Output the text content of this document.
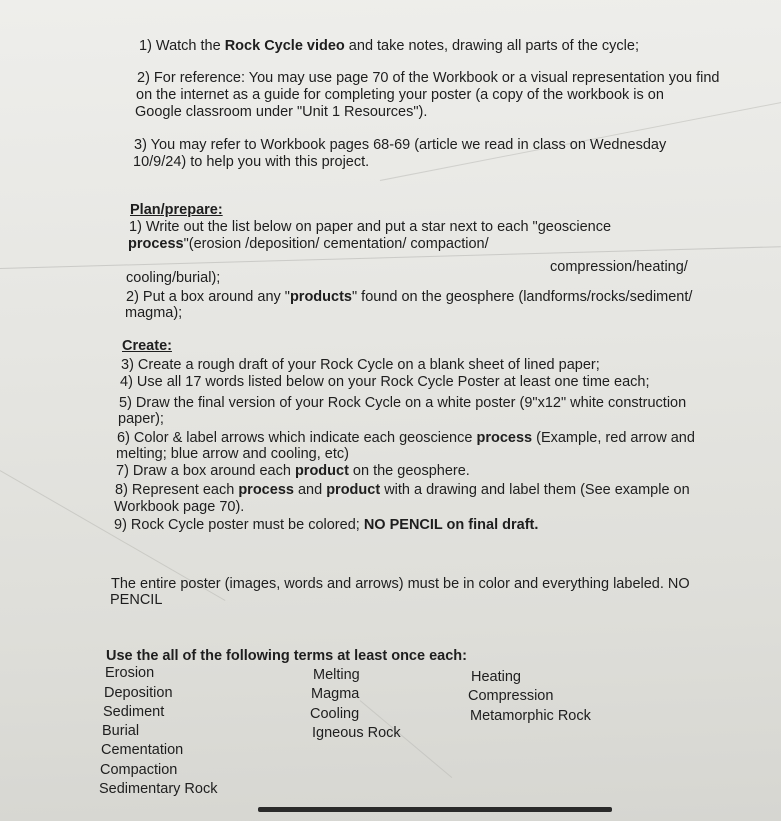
1) Watch the Rock Cycle video and take notes, drawing all parts of the cycle;
2) For reference: You may use page 70 of the Workbook or a visual representation you find
on the internet as a guide for completing your poster (a copy of the workbook is on
Google classroom under "Unit 1 Resources").
3) You may refer to Workbook pages 68-69 (article we read in class on Wednesday
10/9/24) to help you with this project.
Plan/prepare:
1) Write out the list below on paper and put a star next to each "geoscience
process"(erosion /deposition/ cementation/ compaction/
compression/heating/
cooling/burial);
2) Put a box around any "products" found on the geosphere (landforms/rocks/sediment/
magma);
Create:
3) Create a rough draft of your Rock Cycle on a blank sheet of lined paper;
4) Use all 17 words listed below on your Rock Cycle Poster at least one time each;
5) Draw the final version of your Rock Cycle on a white poster (9"x12" white construction
paper);
6) Color & label arrows which indicate each geoscience process (Example, red arrow and
melting; blue arrow and cooling, etc)
7) Draw a box around each product on the geosphere.
8) Represent each process and product with a drawing and label them (See example on
Workbook page 70).
9) Rock Cycle poster must be colored; NO PENCIL on final draft.
The entire poster (images, words and arrows) must be in color and everything labeled. NO
PENCIL
Use the all of the following terms at least once each:
Erosion
Deposition
Sediment
Burial
Cementation
Compaction
Sedimentary Rock
Melting
Magma
Cooling
Igneous Rock
Heating
Compression
Metamorphic Rock
